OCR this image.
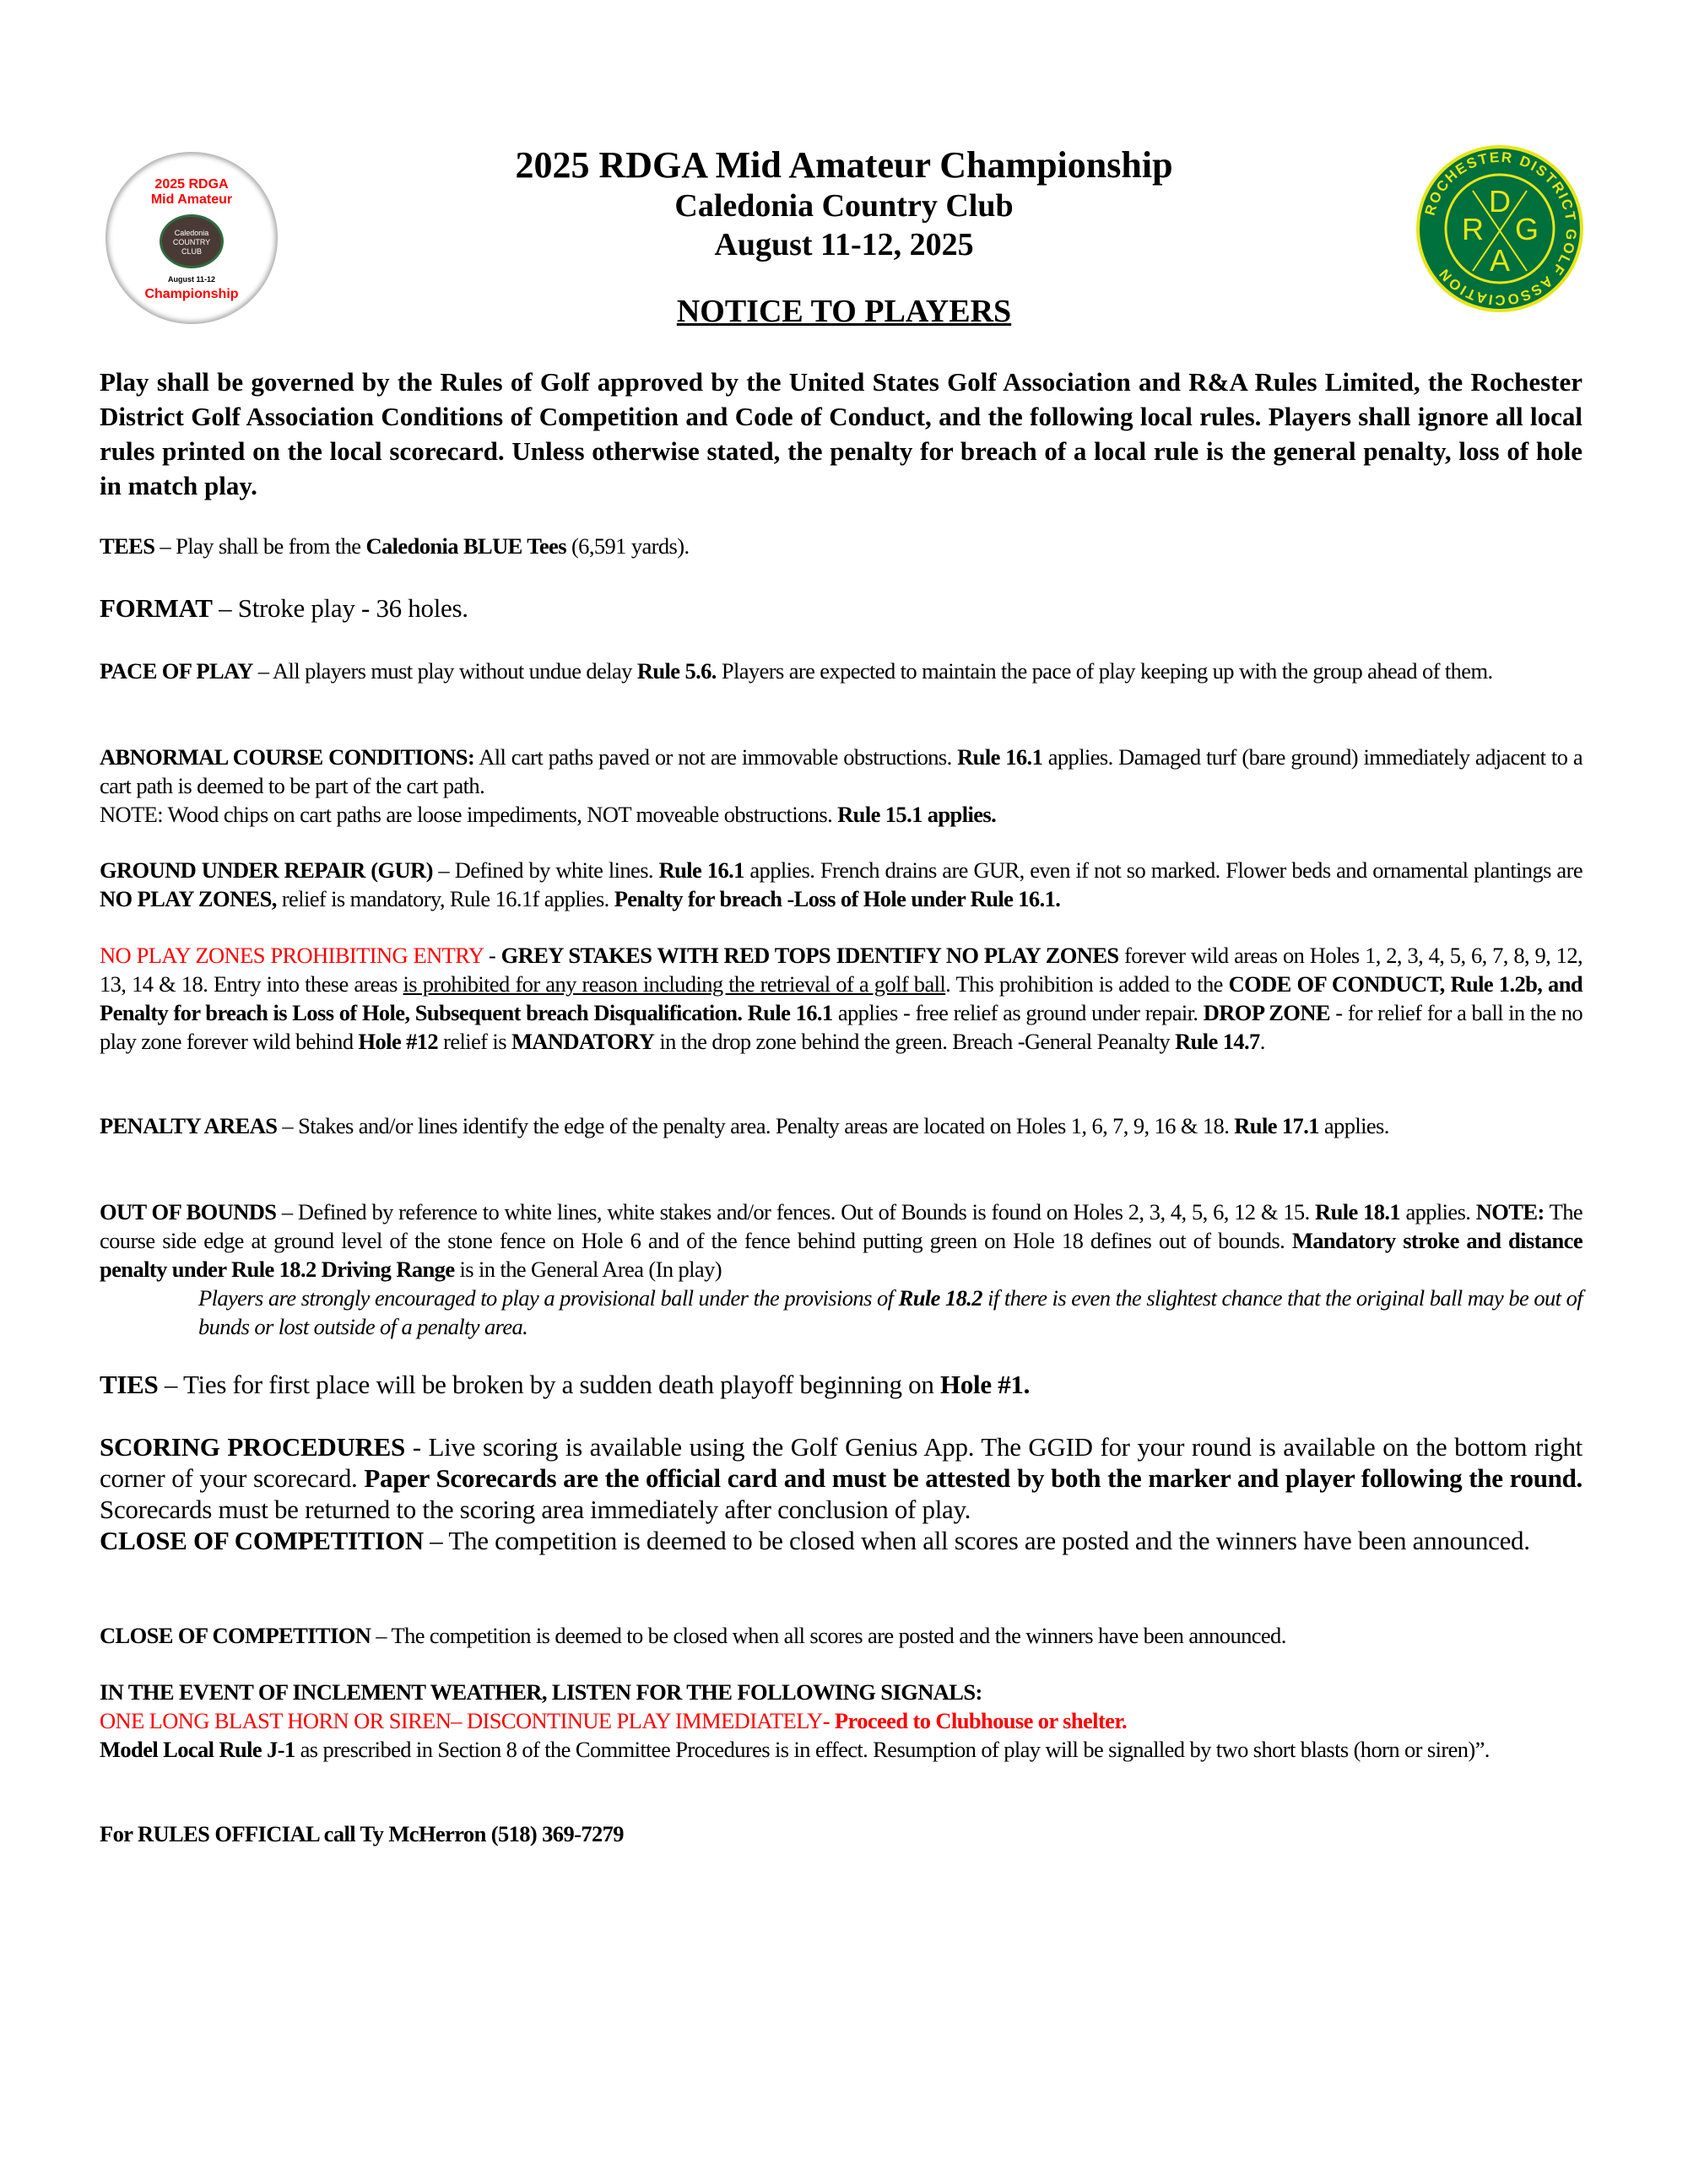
2025 RDGA
Mid Amateur
Caledonia COUNTRY CLUB
August 11-12
Championship
ROCHESTER DISTRICT GOLF ASSOCIATION
D
R G
A
2025 RDGA Mid Amateur Championship
Caledonia Country Club
August 11-12, 2025
NOTICE TO PLAYERS
Play shall be governed by the Rules of Golf approved by the United States Golf Association and R&A Rules Limited, the Rochester District Golf Association Conditions of Competition and Code of Conduct, and the following local rules. Players shall ignore all local rules printed on the local scorecard. Unless otherwise stated, the penalty for breach of a local rule is the general penalty, loss of hole in match play.
TEES – Play shall be from the Caledonia BLUE Tees (6,591 yards).
FORMAT – Stroke play - 36 holes.
PACE OF PLAY – All players must play without undue delay Rule 5.6. Players are expected to maintain the pace of play keeping up with the group ahead of them.
ABNORMAL COURSE CONDITIONS: All cart paths paved or not are immovable obstructions. Rule 16.1 applies. Damaged turf (bare ground) immediately adjacent to a cart path is deemed to be part of the cart path.
NOTE: Wood chips on cart paths are loose impediments, NOT moveable obstructions. Rule 15.1 applies.
GROUND UNDER REPAIR (GUR) – Defined by white lines. Rule 16.1 applies. French drains are GUR, even if not so marked. Flower beds and ornamental plantings are NO PLAY ZONES, relief is mandatory, Rule 16.1f applies. Penalty for breach -Loss of Hole under Rule 16.1.
NO PLAY ZONES PROHIBITING ENTRY - GREY STAKES WITH RED TOPS IDENTIFY NO PLAY ZONES forever wild areas on Holes 1, 2, 3, 4, 5, 6, 7, 8, 9, 12, 13, 14 & 18. Entry into these areas is prohibited for any reason including the retrieval of a golf ball. This prohibition is added to the CODE OF CONDUCT, Rule 1.2b, and Penalty for breach is Loss of Hole, Subsequent breach Disqualification. Rule 16.1 applies - free relief as ground under repair. DROP ZONE - for relief for a ball in the no play zone forever wild behind Hole #12 relief is MANDATORY in the drop zone behind the green. Breach -General Peanalty Rule 14.7.
PENALTY AREAS – Stakes and/or lines identify the edge of the penalty area. Penalty areas are located on Holes 1, 6, 7, 9, 16 & 18. Rule 17.1 applies.
OUT OF BOUNDS – Defined by reference to white lines, white stakes and/or fences. Out of Bounds is found on Holes 2, 3, 4, 5, 6, 12 & 15. Rule 18.1 applies. NOTE: The course side edge at ground level of the stone fence on Hole 6 and of the fence behind putting green on Hole 18 defines out of bounds. Mandatory stroke and distance penalty under Rule 18.2 Driving Range is in the General Area (In play)
Players are strongly encouraged to play a provisional ball under the provisions of Rule 18.2 if there is even the slightest chance that the original ball may be out of bunds or lost outside of a penalty area.
TIES – Ties for first place will be broken by a sudden death playoff beginning on Hole #1.
SCORING PROCEDURES - Live scoring is available using the Golf Genius App. The GGID for your round is available on the bottom right corner of your scorecard. Paper Scorecards are the official card and must be attested by both the marker and player following the round. Scorecards must be returned to the scoring area immediately after conclusion of play.
CLOSE OF COMPETITION – The competition is deemed to be closed when all scores are posted and the winners have been announced.
CLOSE OF COMPETITION – The competition is deemed to be closed when all scores are posted and the winners have been announced.
IN THE EVENT OF INCLEMENT WEATHER, LISTEN FOR THE FOLLOWING SIGNALS:
ONE LONG BLAST HORN OR SIREN– DISCONTINUE PLAY IMMEDIATELY- Proceed to Clubhouse or shelter.
Model Local Rule J-1 as prescribed in Section 8 of the Committee Procedures is in effect. Resumption of play will be signalled by two short blasts (horn or siren)”.
For RULES OFFICIAL call Ty McHerron (518) 369-7279
